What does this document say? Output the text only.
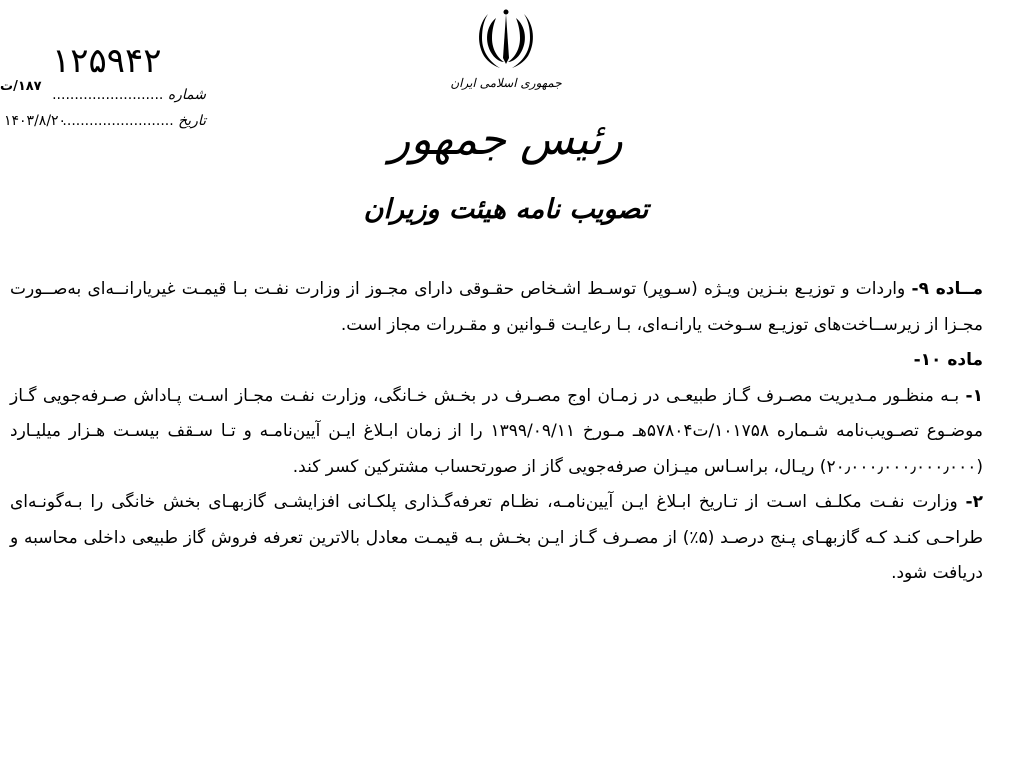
جمهوری اسلامی ایران
رئیس جمهور
تصویب نامه هیئت وزیران
۱۲۵۹۴۲
شماره .........................
۱۸۷/ت
تاریخ .........................
۱۴۰۳/۸/۲۰

مــاده ۹- واردات و توزیـع بنـزین ویـژه (سـوپر) توسـط اشـخاص حقـوقی دارای مجـوز از وزارت نفـت بـا قیمـت غیریارانــه‌ای به‌صــورت مجـزا از زیرســاخت‌های توزیـع سـوخت یارانـه‌ای، بـا رعایـت قـوانین و مقـررات مجاز است.

ماده ۱۰-

۱- بـه منظـور مـدیریت مصـرف گـاز طبیعـی در زمـان اوج مصـرف در بخـش خـانگی، وزارت نفـت مجـاز اسـت پـاداش صـرفه‌جویی گـاز موضـوع تصـویب‌نامه شـماره ۱۰۱۷۵۸/ت۵۷۸۰۴هـ مـورخ ۱۳۹۹/۰۹/۱۱ را از زمان ابـلاغ ایـن آیین‌نامـه و تـا سـقف بیسـت هـزار میلیـارد (۲۰٫۰۰۰٫۰۰۰٫۰۰۰٫۰۰۰) ریـال، براسـاس میـزان صرفه‌جویی گاز از صورتحساب مشترکین کسر کند.

۲- وزارت نفـت مکلـف اسـت از تـاریخ ابـلاغ ایـن آیین‌نامـه، نظـام تعرفه‌گـذاری پلکـانی افزایشـی گازبهـای بخش خانگی را بـه‌گونـه‌ای طراحـی کنـد کـه گازبهـای پـنج درصـد (۵٪) از مصـرف گـاز ایـن بخـش بـه قیمـت معادل بالاترین تعرفه فروش گاز طبیعی داخلی محاسبه و دریافت شود.
